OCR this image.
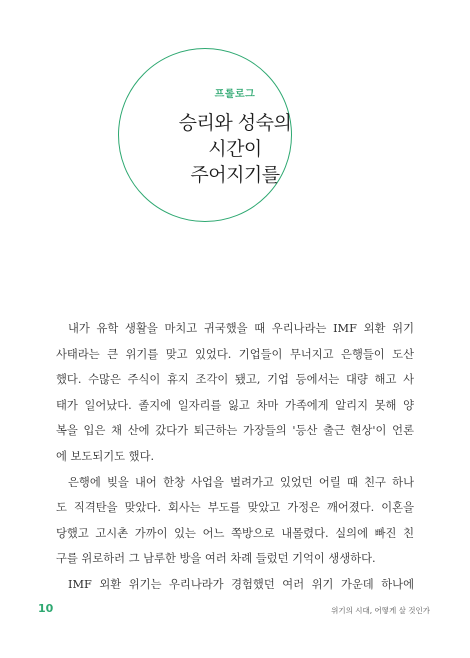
프롤로그
승리와 성숙의
시간이
주어지기를
내가 유학 생활을 마치고 귀국했을 때 우리나라는 IMF 외환 위기
사태라는 큰 위기를 맞고 있었다. 기업들이 무너지고 은행들이 도산
했다. 수많은 주식이 휴지 조각이 됐고, 기업 등에서는 대량 해고 사
태가 일어났다. 졸지에 일자리를 잃고 차마 가족에게 알리지 못해 양
복을 입은 채 산에 갔다가 퇴근하는 가장들의 '등산 출근 현상'이 언론
에 보도되기도 했다.
은행에 빚을 내어 한창 사업을 벌려가고 있었던 어릴 때 친구 하나
도 직격탄을 맞았다. 회사는 부도를 맞았고 가정은 깨어졌다. 이혼을
당했고 고시촌 가까이 있는 어느 쪽방으로 내몰렸다. 실의에 빠진 친
구를 위로하러 그 남루한 방을 여러 차례 들렀던 기억이 생생하다.
IMF 외환 위기는 우리나라가 경험했던 여러 위기 가운데 하나에
10	위기의 시대, 어떻게 살 것인가
